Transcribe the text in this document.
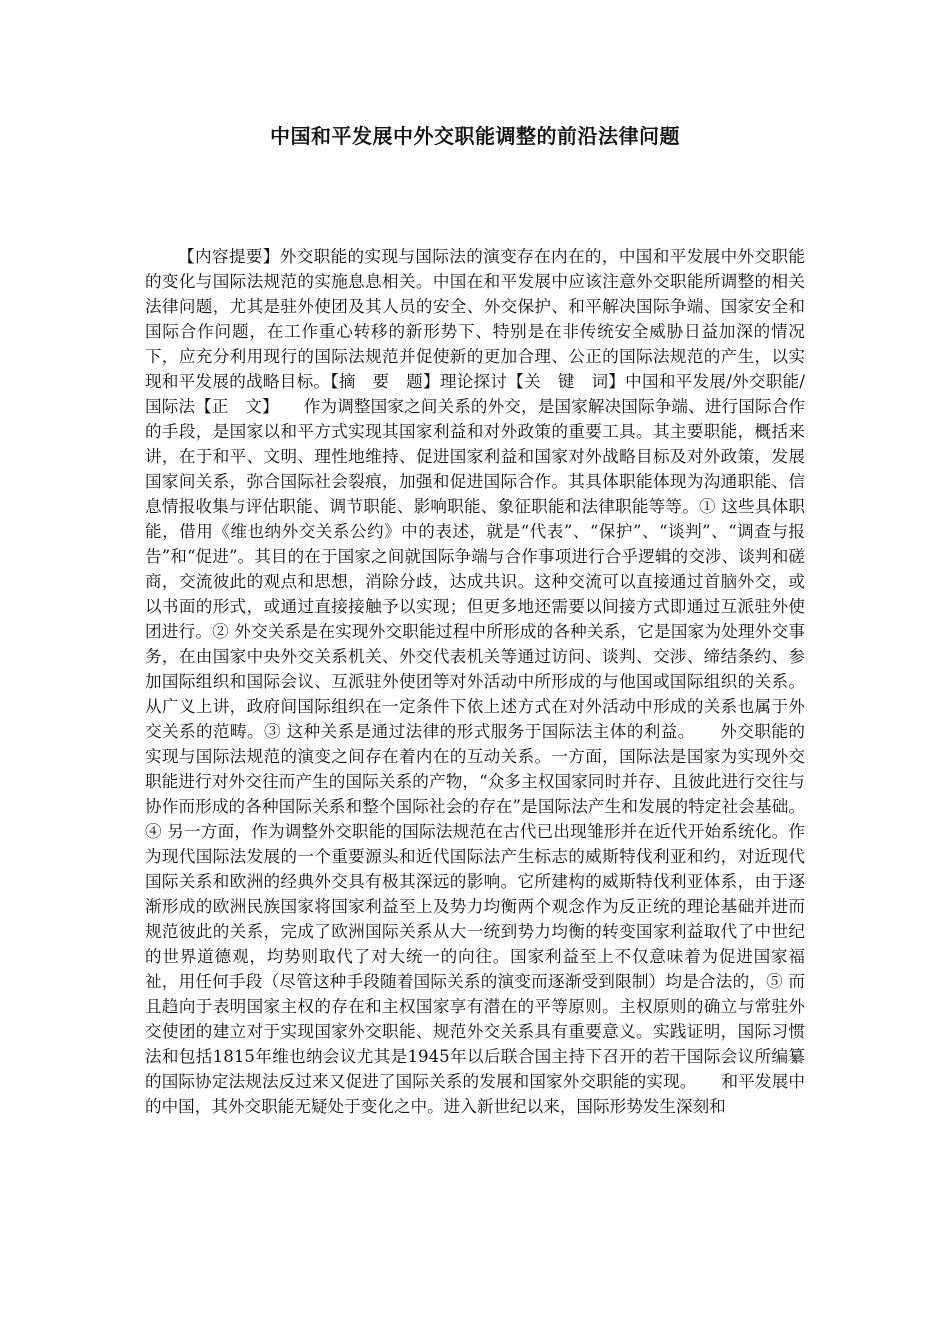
中国和平发展中外交职能调整的前沿法律问题

【内容提要】外交职能的实现与国际法的演变存在内在的，中国和平发展中外交职能的变化与国际法规范的实施息息相关。中国在和平发展中应该注意外交职能所调整的相关法律问题，尤其是驻外使团及其人员的安全、外交保护、和平解决国际争端、国家安全和国际合作问题，在工作重心转移的新形势下、特别是在非传统安全威胁日益加深的情况下，应充分利用现行的国际法规范并促使新的更加合理、公正的国际法规范的产生，以实现和平发展的战略目标。【摘　要　题】理论探讨【关　键　词】中国和平发展/外交职能/国际法【正　文】　　作为调整国家之间关系的外交，是国家解决国际争端、进行国际合作的手段，是国家以和平方式实现其国家利益和对外政策的重要工具。其主要职能，概括来讲，在于和平、文明、理性地维持、促进国家利益和国家对外战略目标及对外政策，发展国家间关系，弥合国际社会裂痕，加强和促进国际合作。其具体职能体现为沟通职能、信息情报收集与评估职能、调节职能、影响职能、象征职能和法律职能等等。① 这些具体职能，借用《维也纳外交关系公约》中的表述，就是“代表”、“保护”、“谈判”、“调查与报告”和“促进”。其目的在于国家之间就国际争端与合作事项进行合乎逻辑的交涉、谈判和磋商，交流彼此的观点和思想，消除分歧，达成共识。这种交流可以直接通过首脑外交，或以书面的形式，或通过直接接触予以实现；但更多地还需要以间接方式即通过互派驻外使团进行。② 外交关系是在实现外交职能过程中所形成的各种关系，它是国家为处理外交事务，在由国家中央外交关系机关、外交代表机关等通过访问、谈判、交涉、缔结条约、参加国际组织和国际会议、互派驻外使团等对外活动中所形成的与他国或国际组织的关系。从广义上讲，政府间国际组织在一定条件下依上述方式在对外活动中形成的关系也属于外交关系的范畴。③ 这种关系是通过法律的形式服务于国际法主体的利益。　　外交职能的实现与国际法规范的演变之间存在着内在的互动关系。一方面，国际法是国家为实现外交职能进行对外交往而产生的国际关系的产物，“众多主权国家同时并存、且彼此进行交往与协作而形成的各种国际关系和整个国际社会的存在”是国际法产生和发展的特定社会基础。④ 另一方面，作为调整外交职能的国际法规范在古代已出现雏形并在近代开始系统化。作为现代国际法发展的一个重要源头和近代国际法产生标志的威斯特伐利亚和约，对近现代国际关系和欧洲的经典外交具有极其深远的影响。它所建构的威斯特伐利亚体系，由于逐渐形成的欧洲民族国家将国家利益至上及势力均衡两个观念作为反正统的理论基础并进而规范彼此的关系，完成了欧洲国际关系从大一统到势力均衡的转变国家利益取代了中世纪的世界道德观，均势则取代了对大统一的向往。国家利益至上不仅意味着为促进国家福祉，用任何手段（尽管这种手段随着国际关系的演变而逐渐受到限制）均是合法的，⑤ 而且趋向于表明国家主权的存在和主权国家享有潜在的平等原则。主权原则的确立与常驻外交使团的建立对于实现国家外交职能、规范外交关系具有重要意义。实践证明，国际习惯法和包括1815年维也纳会议尤其是1945年以后联合国主持下召开的若干国际会议所编纂的国际协定法规法反过来又促进了国际关系的发展和国家外交职能的实现。　　和平发展中的中国，其外交职能无疑处于变化之中。进入新世纪以来，国际形势发生深刻和
